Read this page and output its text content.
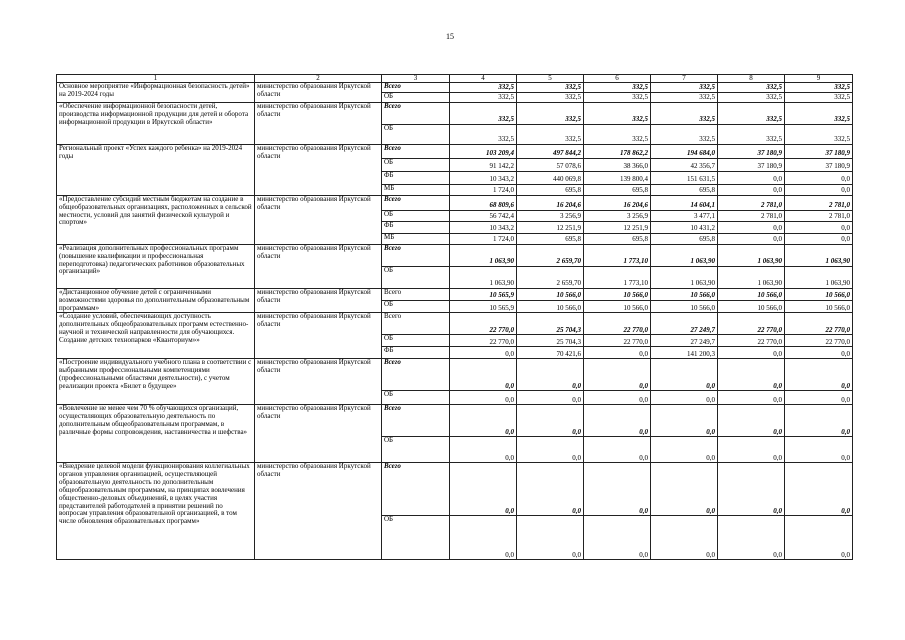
15
1	2	3	4	5	6	7	8	9
Основное мероприятие «Информационная безопасность детей» на 2019-2024 годы	министерство образования Иркутской области	Всего	332,5	332,5	332,5	332,5	332,5	332,5
		ОБ	332,5	332,5	332,5	332,5	332,5	332,5
«Обеспечение информационной безопасности детей, производства информационной продукции для детей и оборота информационной продукции в Иркутской области»	министерство образования Иркутской области	Всего	332,5	332,5	332,5	332,5	332,5	332,5
		ОБ	332,5	332,5	332,5	332,5	332,5	332,5
Региональный проект «Успех каждого ребенка» на 2019-2024 годы	министерство образования Иркутской области	Всего	103 209,4	497 844,2	178 862,2	194 684,0	37 180,9	37 180,9
		ОБ	91 142,2	57 078,6	38 366,0	42 356,7	37 180,9	37 180,9
		ФБ	10 343,2	440 069,8	139 800,4	151 631,5	0,0	0,0
		МБ	1 724,0	695,8	695,8	695,8	0,0	0,0
«Предоставление субсидий местным бюджетам на создание в общеобразовательных организациях, расположенных в сельской местности, условий для занятий физической культурой и спортом»	министерство образования Иркутской области	Всего	68 809,6	16 204,6	16 204,6	14 604,1	2 781,0	2 781,0
		ОБ	56 742,4	3 256,9	3 256,9	3 477,1	2 781,0	2 781,0
		ФБ	10 343,2	12 251,9	12 251,9	10 431,2	0,0	0,0
		МБ	1 724,0	695,8	695,8	695,8	0,0	0,0
«Реализация дополнительных профессиональных программ (повышение квалификации и профессиональная переподготовка) педагогических работников образовательных организаций»	министерство образования Иркутской области	Всего	1 063,90	2 659,70	1 773,10	1 063,90	1 063,90	1 063,90
		ОБ	1 063,90	2 659,70	1 773,10	1 063,90	1 063,90	1 063,90
«Дистанционное обучение детей с ограниченными возможностями здоровья по дополнительным образовательным программам»	министерство образования Иркутской области	Всего	10 565,9	10 566,0	10 566,0	10 566,0	10 566,0	10 566,0
		ОБ	10 565,9	10 566,0	10 566,0	10 566,0	10 566,0	10 566,0
«Создание условий, обеспечивающих доступность дополнительных общеобразовательных программ естественно-научной и технической направленности для обучающихся. Создание детских технопарков «Кванториум»»	министерство образования Иркутской области	Всего	22 770,0	25 704,3	22 770,0	27 249,7	22 770,0	22 770,0
		ОБ	22 770,0	25 704,3	22 770,0	27 249,7	22 770,0	22 770,0
		ФБ	0,0	70 421,6	0,0	141 200,3	0,0	0,0
«Построение индивидуального учебного плана в соответствии с выбранными профессиональными компетенциями (профессиональными областями деятельности), с учетом реализации проекта «Билет в будущее»	министерство образования Иркутской области	Всего	0,0	0,0	0,0	0,0	0,0	0,0
		ОБ	0,0	0,0	0,0	0,0	0,0	0,0
«Вовлечение не менее чем 70 % обучающихся организаций, осуществляющих образовательную деятельность по дополнительным общеобразовательным программам, в различные формы сопровождения, наставничества и шефства»	министерство образования Иркутской области	Всего	0,0	0,0	0,0	0,0	0,0	0,0
		ОБ	0,0	0,0	0,0	0,0	0,0	0,0
«Внедрение целевой модели функционирования коллегиальных органов управления организацией, осуществляющей образовательную деятельность по дополнительным общеобразовательным программам, на принципах вовлечения общественно-деловых объединений, в целях участия представителей работодателей в принятии решений по вопросам управления образовательной организацией, в том числе обновления образовательных программ»	министерство образования Иркутской области	Всего	0,0	0,0	0,0	0,0	0,0	0,0
		ОБ	0,0	0,0	0,0	0,0	0,0	0,0
